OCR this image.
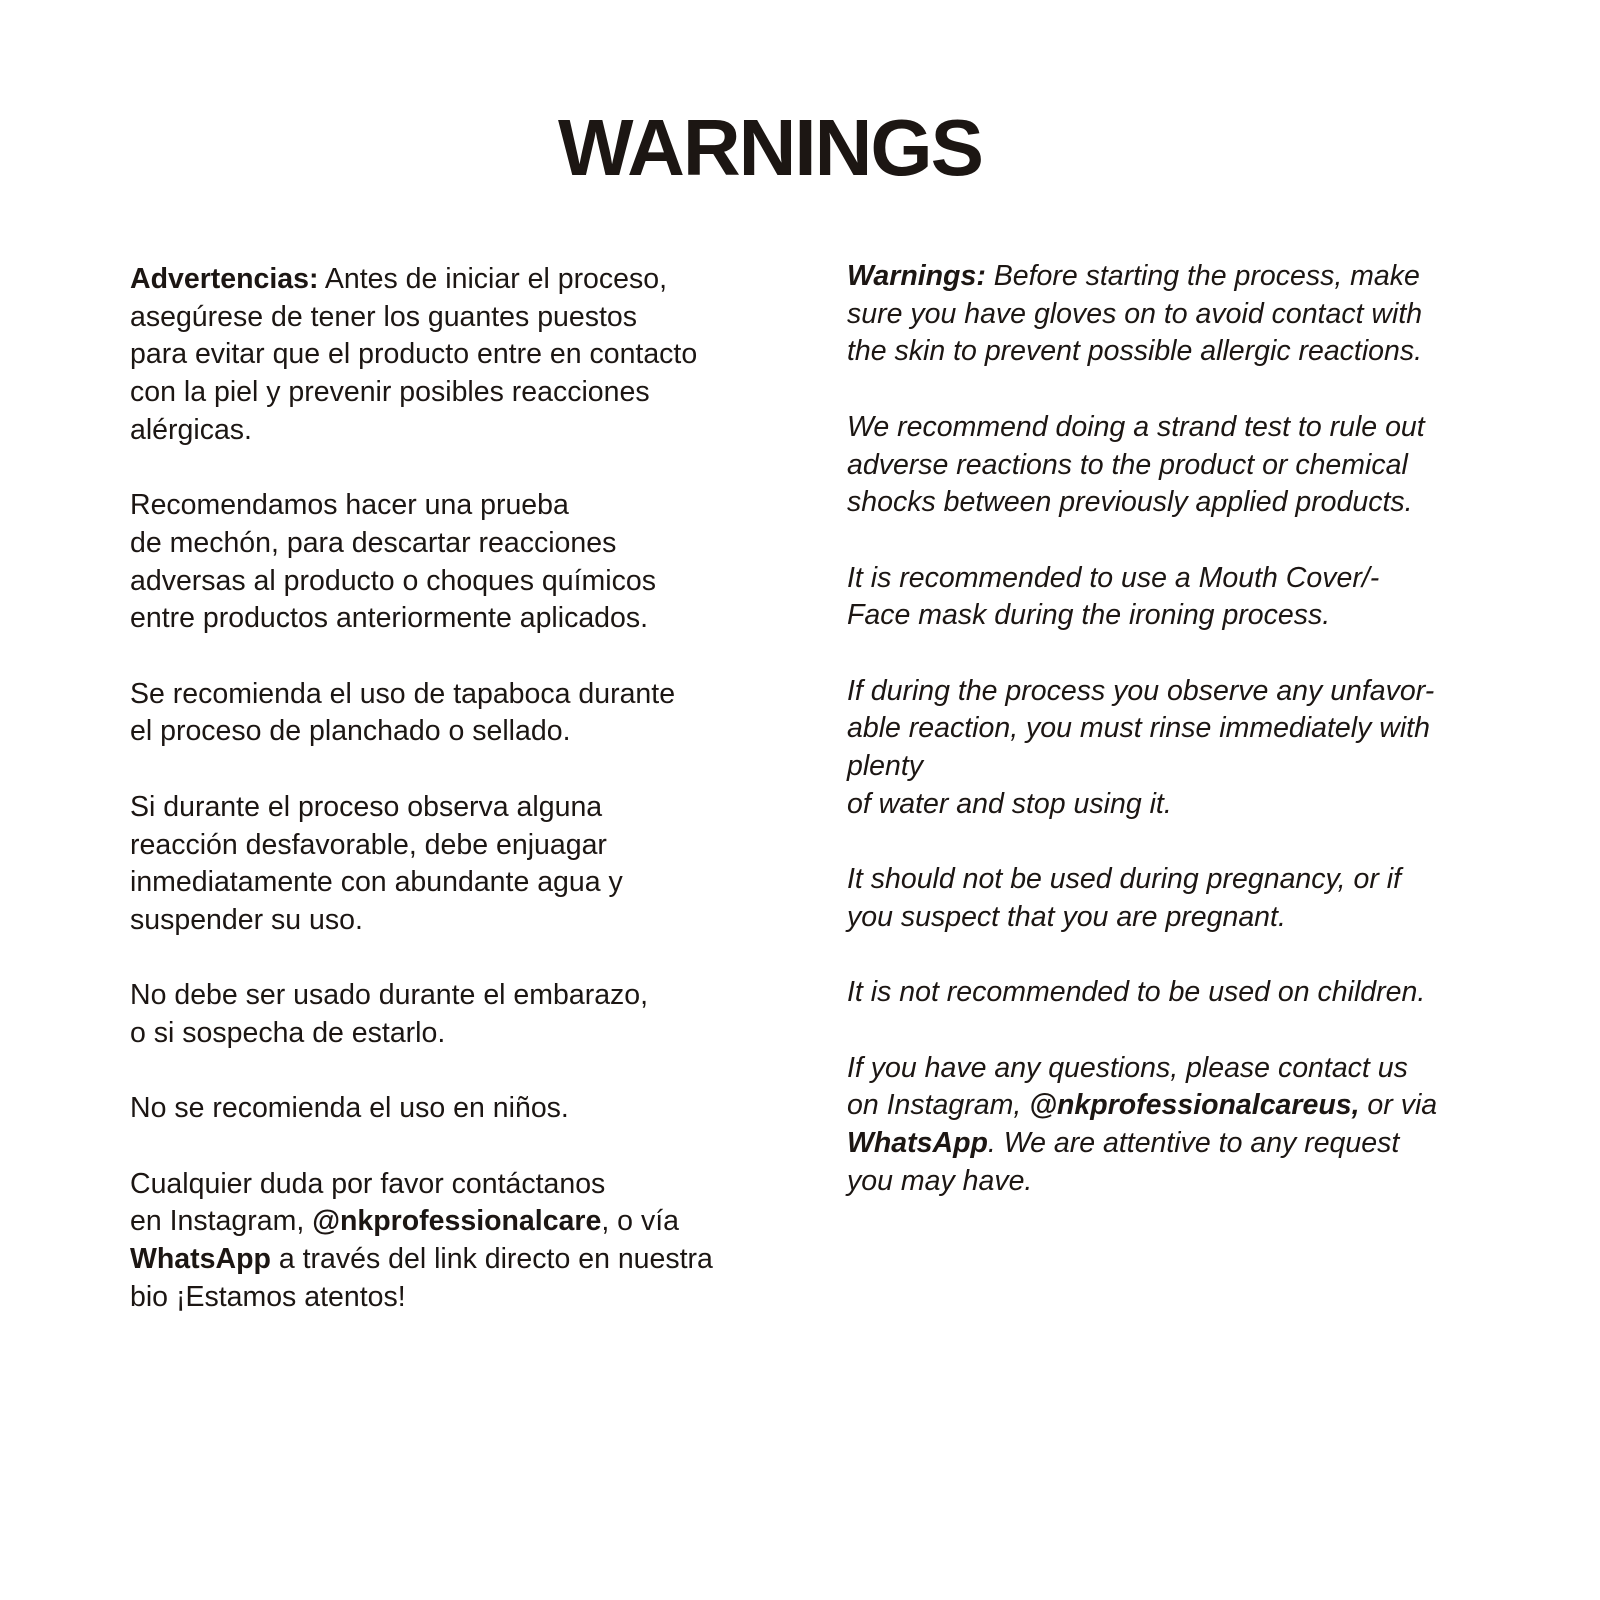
WARNINGS

Advertencias: Antes de iniciar el proceso,
asegúrese de tener los guantes puestos
para evitar que el producto entre en contacto
con la piel y prevenir posibles reacciones
alérgicas.

Recomendamos hacer una prueba
de mechón, para descartar reacciones
adversas al producto o choques químicos
entre productos anteriormente aplicados.

Se recomienda el uso de tapaboca durante
el proceso de planchado o sellado.

Si durante el proceso observa alguna
reacción desfavorable, debe enjuagar
inmediatamente con abundante agua y
suspender su uso.

No debe ser usado durante el embarazo,
o si sospecha de estarlo.

No se recomienda el uso en niños.

Cualquier duda por favor contáctanos
en Instagram, @nkprofessionalcare, o vía
WhatsApp a través del link directo en nuestra
bio ¡Estamos atentos!

Warnings: Before starting the process, make
sure you have gloves on to avoid contact with
the skin to prevent possible allergic reactions.

We recommend doing a strand test to rule out
adverse reactions to the product or chemical
shocks between previously applied products.

It is recommended to use a Mouth Cover/-
Face mask during the ironing process.

If during the process you observe any unfavor-
able reaction, you must rinse immediately with
plenty
of water and stop using it.

It should not be used during pregnancy, or if
you suspect that you are pregnant.

It is not recommended to be used on children.

If you have any questions, please contact us
on Instagram, @nkprofessionalcareus, or via
WhatsApp. We are attentive to any request
you may have.
